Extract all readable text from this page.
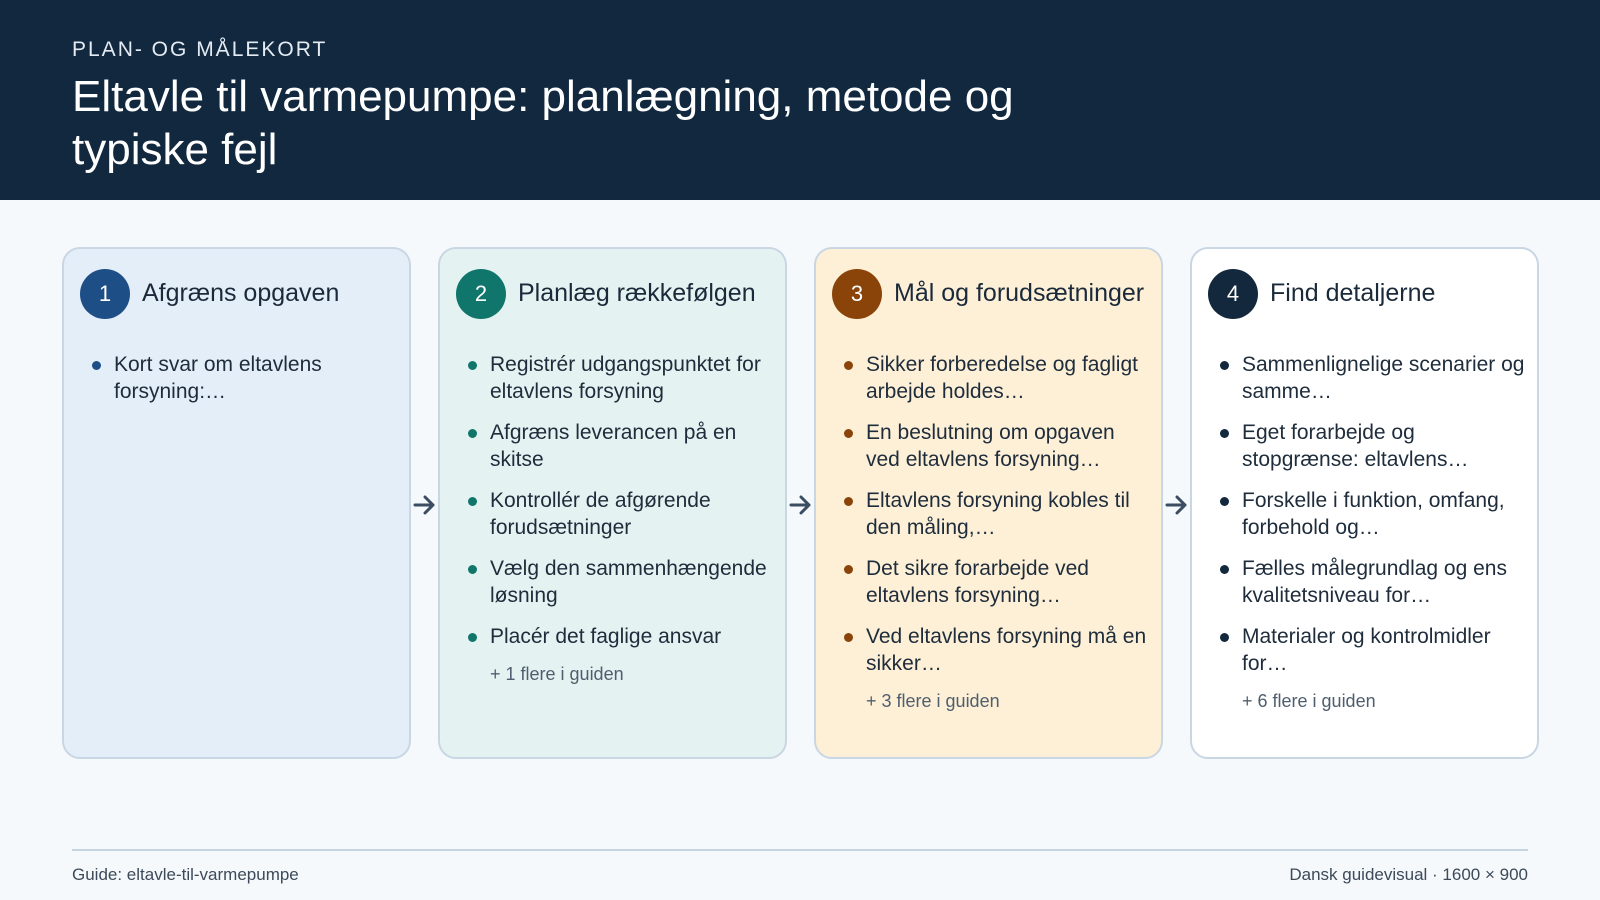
PLAN- OG MÅLEKORT
Eltavle til varmepumpe: planlægning, metode og typiske fejl
1	Afgræns opgaven
Kort svar om eltavlens forsyning:…
2	Planlæg rækkefølgen
Registrér udgangspunktet for eltavlens forsyning
Afgræns leverancen på en skitse
Kontrollér de afgørende forudsætninger
Vælg den sammenhængende løsning
Placér det faglige ansvar
+ 1 flere i guiden
3	Mål og forudsætninger
Sikker forberedelse og fagligt arbejde holdes…
En beslutning om opgaven ved eltavlens forsyning…
Eltavlens forsyning kobles til den måling,…
Det sikre forarbejde ved eltavlens forsyning…
Ved eltavlens forsyning må en sikker…
+ 3 flere i guiden
4	Find detaljerne
Sammenlignelige scenarier og samme…
Eget forarbejde og stopgrænse: eltavlens…
Forskelle i funktion, omfang, forbehold og…
Fælles målegrundlag og ens kvalitetsniveau for…
Materialer og kontrolmidler for…
+ 6 flere i guiden
Guide: eltavle-til-varmepumpe	Dansk guidevisual · 1600 × 900
